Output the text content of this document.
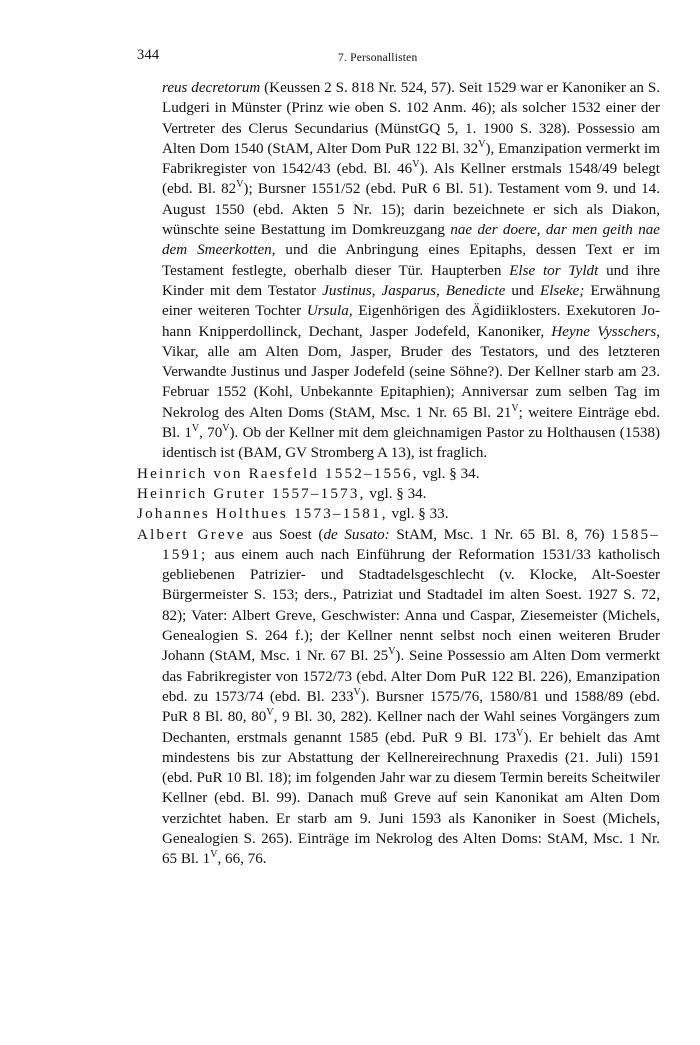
344	7. Personallisten

reus decretorum (Keussen 2 S. 818 Nr. 524, 57). Seit 1529 war er Kanoniker an S. Ludgeri in Münster (Prinz wie oben S. 102 Anm. 46); als solcher 1532 einer der Vertreter des Clerus Secundarius (MünstGQ 5, 1. 1900 S. 328). Possessio am Alten Dom 1540 (StAM, Alter Dom PuR 122 Bl. $32^V$), Emanzipation vermerkt im Fabrikregister von 1542/43 (ebd. Bl. $46^V$). Als Kellner erstmals 1548/49 belegt (ebd. Bl. $82^V$); Bursner 1551/52 (ebd. PuR 6 Bl. 51). Testament vom 9. und 14. August 1550 (ebd. Akten 5 Nr. 15); darin bezeichnete er sich als Diakon, wünschte seine Bestattung im Domkreuzgang nae der doere, dar men geith nae dem Smeerkotten, und die Anbringung eines Epitaphs, dessen Text er im Testament festlegte, oberhalb dieser Tür. Haupterben Else tor Tyldt und ihre Kinder mit dem Testator Justinus, Jasparus, Benedicte und Elseke; Erwähnung einer weiteren Tochter Ursula, Eigenhörigen des Ägidiiklosters. Exekutoren Johann Knipperdollinck, Dechant, Jasper Jodefeld, Kanoniker, Heyne Vysschers, Vikar, alle am Alten Dom, Jasper, Bruder des Testators, und des letzteren Verwandte Justinus und Jasper Jodefeld (seine Söhne?). Der Kellner starb am 23. Februar 1552 (Kohl, Unbekannte Epitaphien); Anniversar zum selben Tag im Nekrolog des Alten Doms (StAM, Msc. 1 Nr. 65 Bl. $21^V$; weitere Einträge ebd. Bl. $1^V$, $70^V$). Ob der Kellner mit dem gleichnamigen Pastor zu Holthausen (1538) identisch ist (BAM, GV Stromberg A 13), ist fraglich.

Heinrich von Raesfeld 1552–1556, vgl. § 34.

Heinrich Gruter 1557–1573, vgl. § 34.

Johannes Holthues 1573–1581, vgl. § 33.

Albert Greve aus Soest (de Susato: StAM, Msc. 1 Nr. 65 Bl. 8, 76) 1585–1591; aus einem auch nach Einführung der Reformation 1531/33 katholisch gebliebenen Patrizier- und Stadtadelsgeschlecht (v. Klocke, Alt-Soester Bürgermeister S. 153; ders., Patriziat und Stadtadel im alten Soest. 1927 S. 72, 82); Vater: Albert Greve, Geschwister: Anna und Caspar, Ziesemeister (Michels, Genealogien S. 264 f.); der Kellner nennt selbst noch einen weiteren Bruder Johann (StAM, Msc. 1 Nr. 67 Bl. $25^V$). Seine Possessio am Alten Dom vermerkt das Fabrikregister von 1572/73 (ebd. Alter Dom PuR 122 Bl. 226), Emanzipation ebd. zu 1573/74 (ebd. Bl. $233^V$). Bursner 1575/76, 1580/81 und 1588/89 (ebd. PuR 8 Bl. 80, $80^V$, 9 Bl. 30, 282). Kellner nach der Wahl seines Vorgängers zum Dechanten, erstmals genannt 1585 (ebd. PuR 9 Bl. $173^V$). Er behielt das Amt mindestens bis zur Abstattung der Kellnereirechnung Praxedis (21. Juli) 1591 (ebd. PuR 10 Bl. 18); im folgenden Jahr war zu diesem Termin bereits Scheitwiler Kellner (ebd. Bl. 99). Danach muß Greve auf sein Kanonikat am Alten Dom verzichtet haben. Er starb am 9. Juni 1593 als Kanoniker in Soest (Michels, Genealogien S. 265). Einträge im Nekrolog des Alten Doms: StAM, Msc. 1 Nr. 65 Bl. $1^V$, 66, 76.
